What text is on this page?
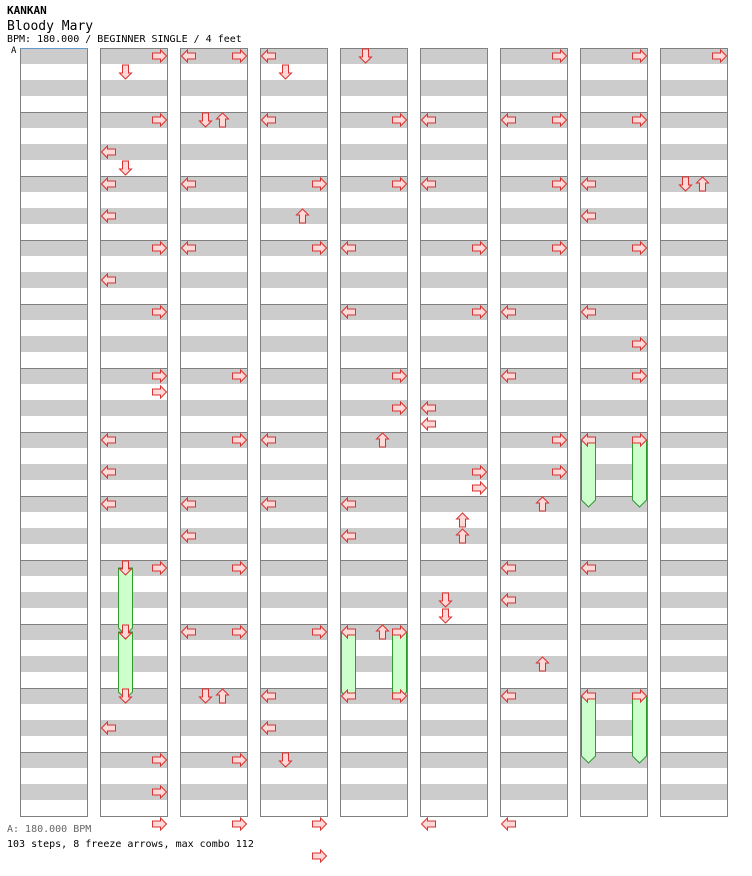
KANKAN
Bloody Mary
BPM: 180.000 / BEGINNER SINGLE / 4 feet
A
A: 180.000 BPM
103 steps, 8 freeze arrows, max combo 112
